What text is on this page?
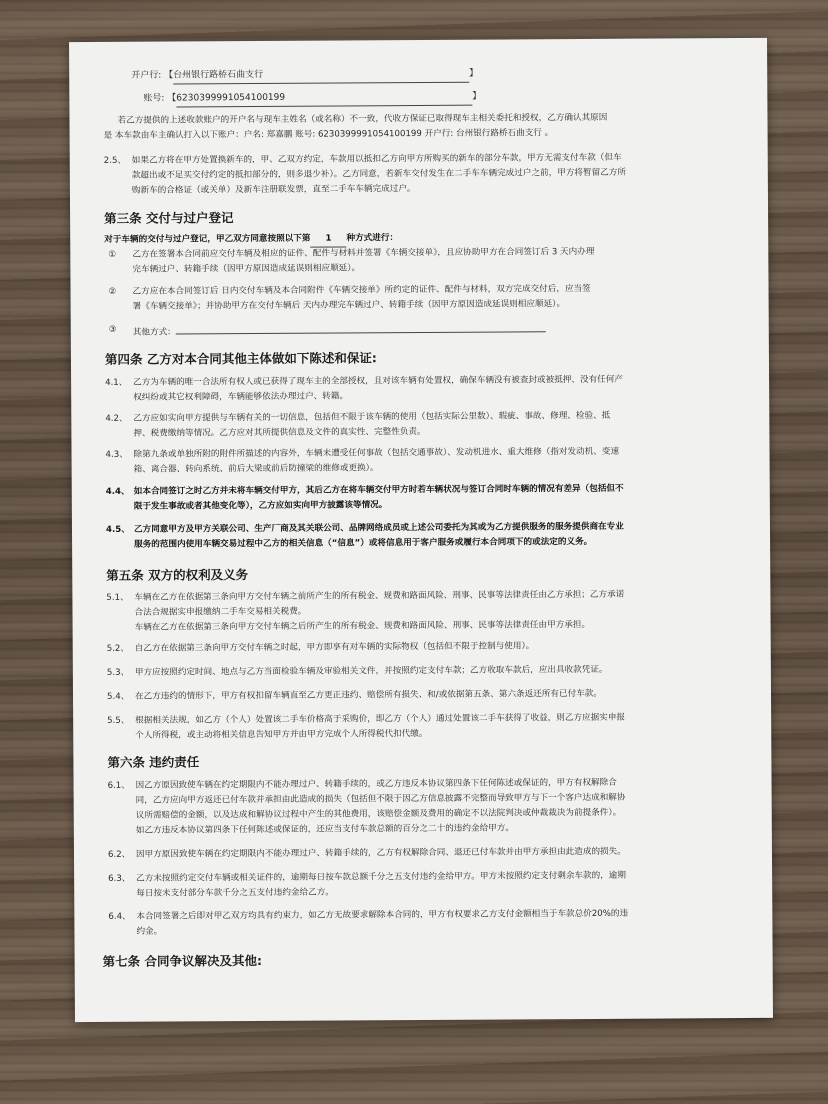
开户行: 【台州银行路桥石曲支行	】
账号: 【6230399991054100199	】
若乙方提供的上述收款账户的开户名与现车主姓名（或名称）不一致，代收方保证已取得现车主相关委托和授权，乙方确认其原因
是 本车款由车主确认打入以下账户：户名: 郑嘉鹏 账号: 6230399991054100199 开户行: 台州银行路桥石曲支行 。
2.5、 如果乙方将在甲方处置换新车的，甲、乙双方约定，车款用以抵扣乙方向甲方所购买的新车的部分车款，甲方无需支付车款（但车
款超出或不足买交付约定的抵扣部分的，则多退少补）。乙方同意，若新车交付发生在二手车车辆完成过户之前，甲方将暂留乙方所
购新车的合格证（或关单）及新车注册联发票，直至二手车车辆完成过户。
第三条 交付与过户登记
对于车辆的交付与过户登记，甲乙双方同意按照以下第 1 种方式进行：
① 乙方在签署本合同前应交付车辆及相应的证件、配件与材料并签署《车辆交接单》，且应协助甲方在合同签订后 3 天内办理
完车辆过户、转籍手续（因甲方原因造成延误则相应顺延）。
② 乙方应在本合同签订后 日内交付车辆及本合同附件《车辆交接单》所约定的证件、配件与材料，双方完成交付后，应当签
署《车辆交接单》；并协助甲方在交付车辆后 天内办理完车辆过户、转籍手续（因甲方原因造成延误则相应顺延）。
③ 其他方式：
第四条 乙方对本合同其他主体做如下陈述和保证:
4.1、 乙方为车辆的唯一合法所有权人或已获得了现车主的全部授权，且对该车辆有处置权，确保车辆没有被查封或被抵押、没有任何产
权纠纷或其它权利障碍，车辆能够依法办理过户、转籍。
4.2、 乙方应如实向甲方提供与车辆有关的一切信息，包括但不限于该车辆的使用（包括实际公里数）、瑕疵、事故、修理、检验、抵
押、税费缴纳等情况。乙方应对其所提供信息及文件的真实性、完整性负责。
4.3、 除第九条或单独所附的附件所描述的内容外，车辆未遭受任何事故（包括交通事故）、发动机进水、重大维修（指对发动机、变速
箱、离合器、转向系统、前后大梁或前后防撞梁的维修或更换）。
4.4、 如本合同签订之时乙方并未将车辆交付甲方，其后乙方在将车辆交付甲方时若车辆状况与签订合同时车辆的情况有差异（包括但不
限于发生事故或者其他变化等），乙方应如实向甲方披露该等情况。
4.5、 乙方同意甲方及甲方关联公司、生产厂商及其关联公司、品牌网络成员或上述公司委托为其或为乙方提供服务的服务提供商在专业
服务的范围内使用车辆交易过程中乙方的相关信息（“信息”）或将信息用于客户服务或履行本合同项下的或法定的义务。
第五条 双方的权利及义务
5.1、 车辆在乙方在依据第三条向甲方交付车辆之前所产生的所有税金、规费和路面风险、刑事、民事等法律责任由乙方承担；乙方承诺
合法合规据实申报缴纳二手车交易相关税费。
车辆在乙方在依据第三条向甲方交付车辆之后所产生的所有税金、规费和路面风险、刑事、民事等法律责任由甲方承担。
5.2、 自乙方在依据第三条向甲方交付车辆之时起，甲方即享有对车辆的实际物权（包括但不限于控制与使用）。
5.3、 甲方应按照约定时间、地点与乙方当面检验车辆及审验相关文件，并按照约定支付车款；乙方收取车款后，应出具收款凭证。
5.4、 在乙方违约的情形下，甲方有权扣留车辆直至乙方更正违约、赔偿所有损失、和/或依据第五条、第六条返还所有已付车款。
5.5、 根据相关法规，如乙方（个人）处置该二手车价格高于采购价，即乙方（个人）通过处置该二手车获得了收益，则乙方应据实申报
个人所得税，或主动将相关信息告知甲方并由甲方完成个人所得税代扣代缴。
第六条 违约责任
6.1、 因乙方原因致使车辆在约定期限内不能办理过户、转籍手续的，或乙方违反本协议第四条下任何陈述或保证的，甲方有权解除合
同，乙方应向甲方返还已付车款并承担由此造成的损失（包括但不限于因乙方信息披露不完整而导致甲方与下一个客户达成和解协
议所需赔偿的金额，以及达成和解协议过程中产生的其他费用，该赔偿金额及费用的确定不以法院判决或仲裁裁决为前提条件）。
如乙方违反本协议第四条下任何陈述或保证的，还应当支付车款总额的百分之二十的违约金给甲方。
6.2、 因甲方原因致使车辆在约定期限内不能办理过户、转籍手续的，乙方有权解除合同、退还已付车款并由甲方承担由此造成的损失。
6.3、 乙方未按照约定交付车辆或相关证件的，逾期每日按车款总额千分之五支付违约金给甲方。甲方未按照约定支付剩余车款的，逾期
每日按未支付部分车款千分之五支付违约金给乙方。
6.4、 本合同签署之后即对甲乙双方均具有约束力，如乙方无故要求解除本合同的，甲方有权要求乙方支付金额相当于车款总价20%的违
约金。
第七条 合同争议解决及其他:
